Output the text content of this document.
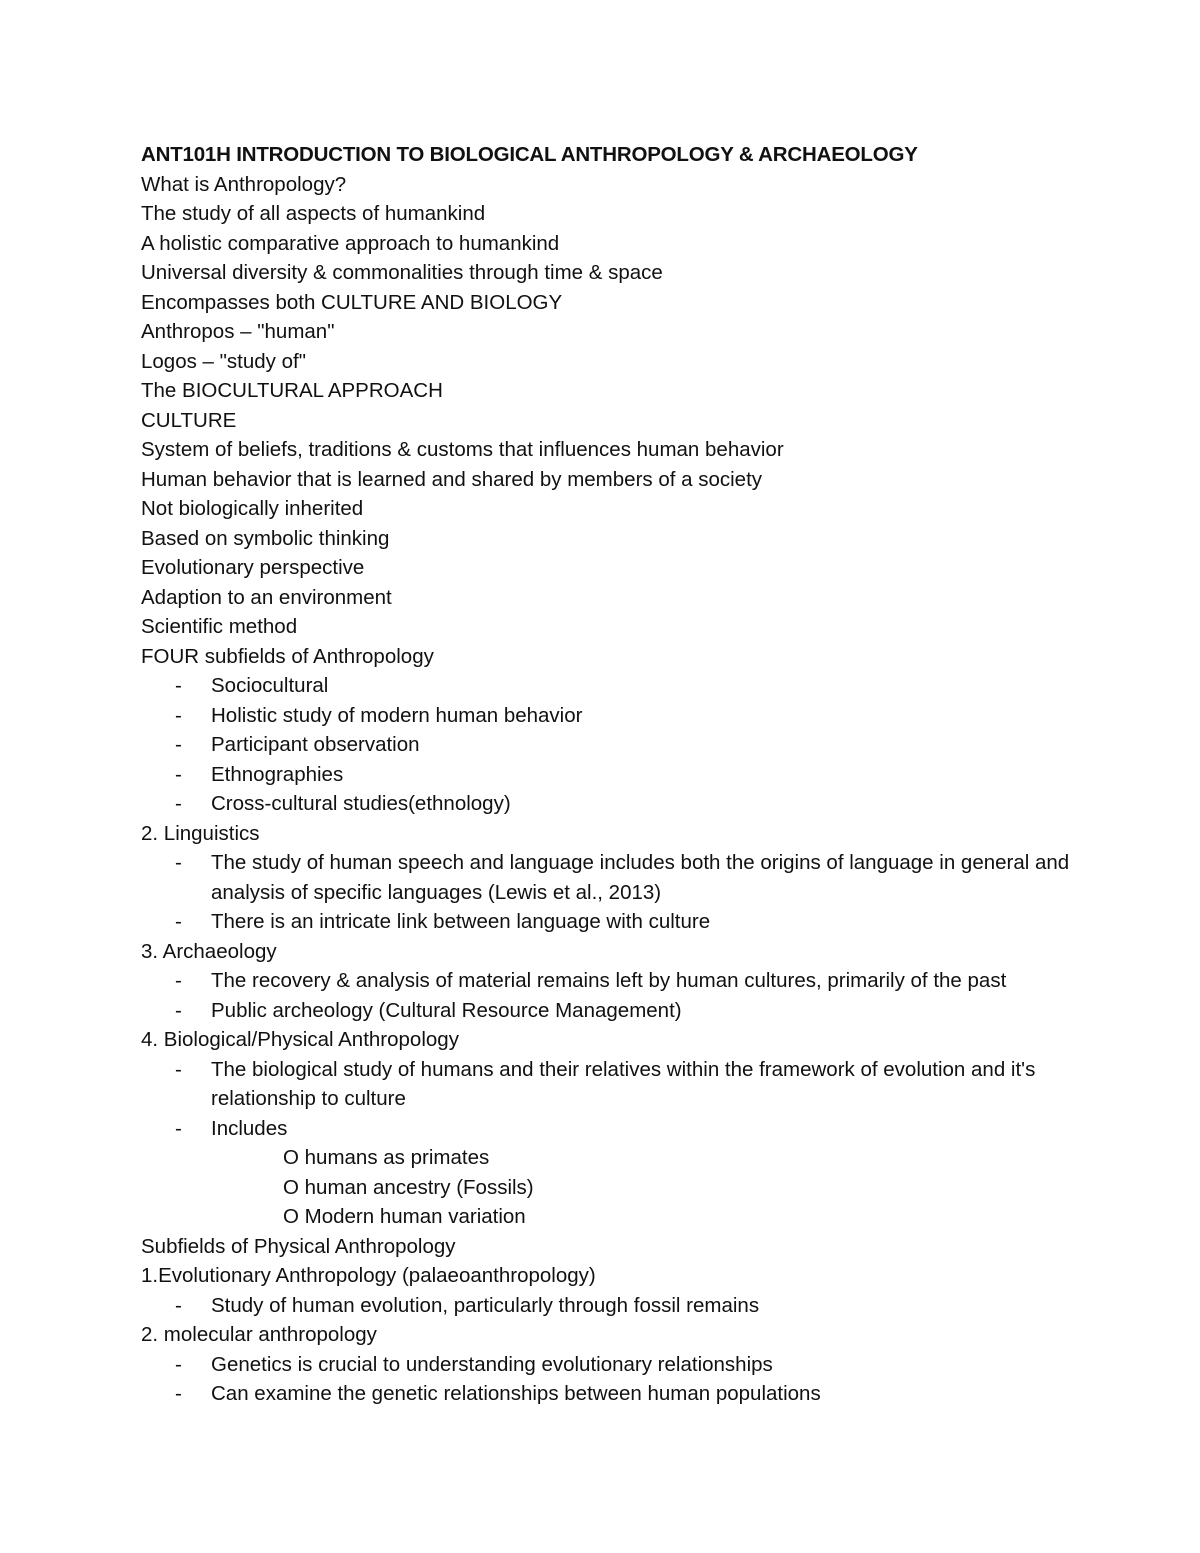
ANT101H INTRODUCTION TO BIOLOGICAL ANTHROPOLOGY & ARCHAEOLOGY
What is Anthropology?
The study of all aspects of humankind
A holistic comparative approach to humankind
Universal diversity & commonalities through time & space
Encompasses both CULTURE AND BIOLOGY
Anthropos – "human"
Logos – "study of"
The BIOCULTURAL APPROACH
CULTURE
System of beliefs, traditions & customs that influences human behavior
Human behavior that is learned and shared by members of a society
Not biologically inherited
Based on symbolic thinking
Evolutionary perspective
Adaption to an environment
Scientific method
FOUR subfields of Anthropology
- Sociocultural
- Holistic study of modern human behavior
- Participant observation
- Ethnographies
- Cross-cultural studies(ethnology)
2. Linguistics
- The study of human speech and language includes both the origins of language in general and analysis of specific languages (Lewis et al., 2013)
- There is an intricate link between language with culture
3. Archaeology
- The recovery & analysis of material remains left by human cultures, primarily of the past
- Public archeology (Cultural Resource Management)
4. Biological/Physical Anthropology
- The biological study of humans and their relatives within the framework of evolution and it's relationship to culture
- Includes
O humans as primates
O human ancestry (Fossils)
O Modern human variation
Subfields of Physical Anthropology
1.Evolutionary Anthropology (palaeoanthropology)
- Study of human evolution, particularly through fossil remains
2. molecular anthropology
- Genetics is crucial to understanding evolutionary relationships
- Can examine the genetic relationships between human populations
